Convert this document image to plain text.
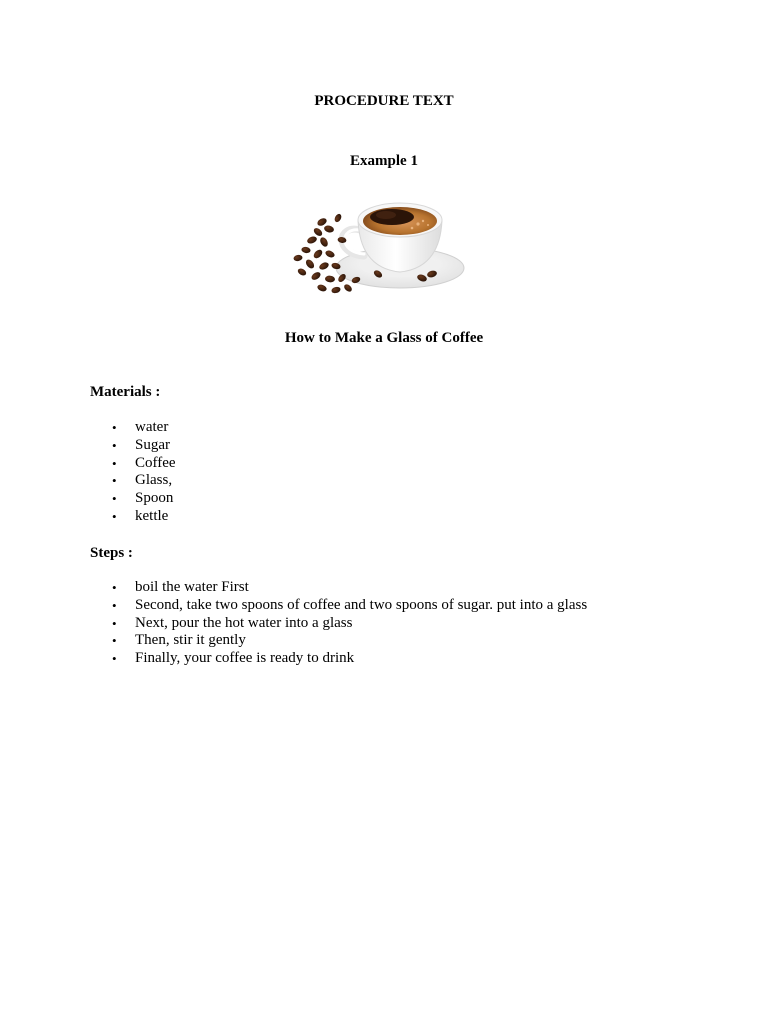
PROCEDURE TEXT
Example 1
How to Make a Glass of Coffee
Materials :
• water
• Sugar
• Coffee
• Glass,
• Spoon
• kettle
Steps :
• boil the water First
• Second, take two spoons of coffee and two spoons of sugar. put into a glass
• Next, pour the hot water into a glass
• Then, stir it gently
• Finally, your coffee is ready to drink
